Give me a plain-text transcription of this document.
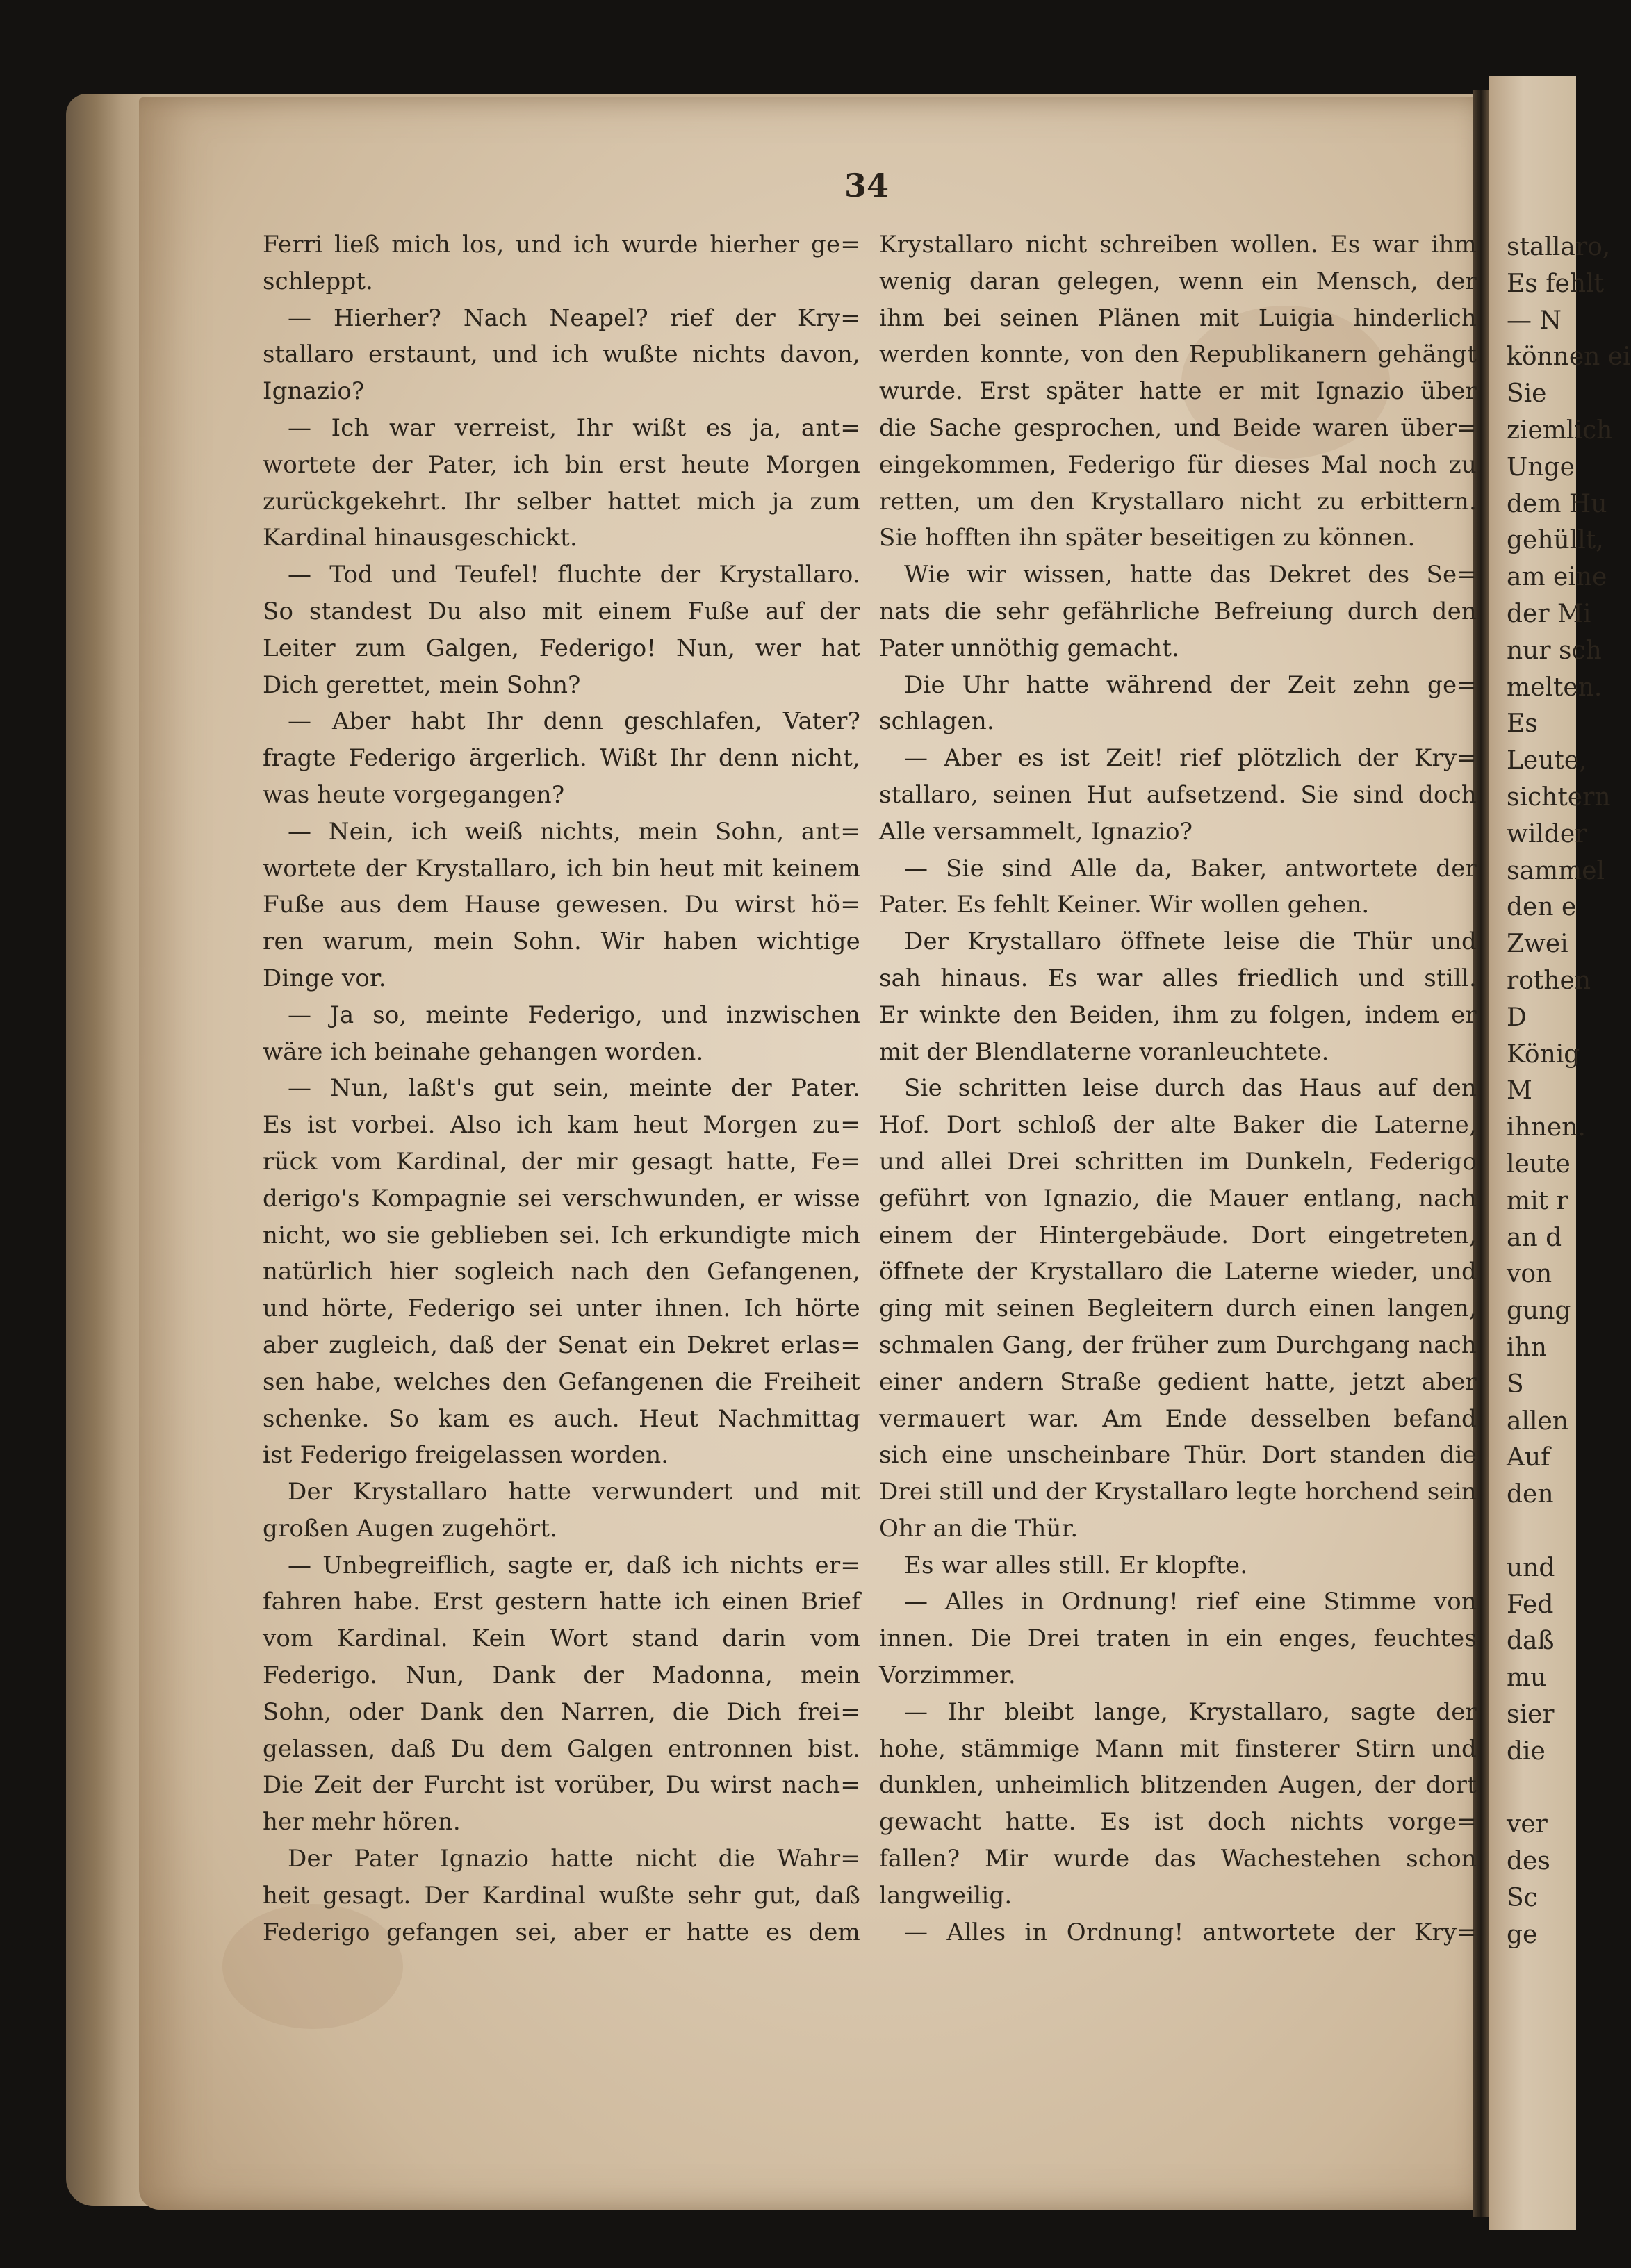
stallaro,
Es fehlt
— N
können ei
Sie
ziemlich
Unge
dem Hu
gehüllt,
am eine
der Mi
nur sch
melten.
Es
Leute,
sichtern
wilder
sammel
den e
Zwei
rothen
D
König
M
ihnen.
leute
mit r
an d
von
gung
ihn
S
allen
Auf
den
und
Fed
daß
mu
sier
die
ver
des
Sc
ge
34
Ferri ließ mich los, und ich wurde hierher ge=
schleppt.
— Hierher? Nach Neapel? rief der Kry=
stallaro erstaunt, und ich wußte nichts davon,
Ignazio?
— Ich war verreist, Ihr wißt es ja, ant=
wortete der Pater, ich bin erst heute Morgen
zurückgekehrt. Ihr selber hattet mich ja zum
Kardinal hinausgeschickt.
— Tod und Teufel! fluchte der Krystallaro.
So standest Du also mit einem Fuße auf der
Leiter zum Galgen, Federigo! Nun, wer hat
Dich gerettet, mein Sohn?
— Aber habt Ihr denn geschlafen, Vater?
fragte Federigo ärgerlich. Wißt Ihr denn nicht,
was heute vorgegangen?
— Nein, ich weiß nichts, mein Sohn, ant=
wortete der Krystallaro, ich bin heut mit keinem
Fuße aus dem Hause gewesen. Du wirst hö=
ren warum, mein Sohn. Wir haben wichtige
Dinge vor.
— Ja so, meinte Federigo, und inzwischen
wäre ich beinahe gehangen worden.
— Nun, laßt's gut sein, meinte der Pater.
Es ist vorbei. Also ich kam heut Morgen zu=
rück vom Kardinal, der mir gesagt hatte, Fe=
derigo's Kompagnie sei verschwunden, er wisse
nicht, wo sie geblieben sei. Ich erkundigte mich
natürlich hier sogleich nach den Gefangenen,
und hörte, Federigo sei unter ihnen. Ich hörte
aber zugleich, daß der Senat ein Dekret erlas=
sen habe, welches den Gefangenen die Freiheit
schenke. So kam es auch. Heut Nachmittag
ist Federigo freigelassen worden.
Der Krystallaro hatte verwundert und mit
großen Augen zugehört.
— Unbegreiflich, sagte er, daß ich nichts er=
fahren habe. Erst gestern hatte ich einen Brief
vom Kardinal. Kein Wort stand darin vom
Federigo. Nun, Dank der Madonna, mein
Sohn, oder Dank den Narren, die Dich frei=
gelassen, daß Du dem Galgen entronnen bist.
Die Zeit der Furcht ist vorüber, Du wirst nach=
her mehr hören.
Der Pater Ignazio hatte nicht die Wahr=
heit gesagt. Der Kardinal wußte sehr gut, daß
Federigo gefangen sei, aber er hatte es dem
Krystallaro nicht schreiben wollen. Es war ihm
wenig daran gelegen, wenn ein Mensch, der
ihm bei seinen Plänen mit Luigia hinderlich
werden konnte, von den Republikanern gehängt
wurde. Erst später hatte er mit Ignazio über
die Sache gesprochen, und Beide waren über=
eingekommen, Federigo für dieses Mal noch zu
retten, um den Krystallaro nicht zu erbittern.
Sie hofften ihn später beseitigen zu können.
Wie wir wissen, hatte das Dekret des Se=
nats die sehr gefährliche Befreiung durch den
Pater unnöthig gemacht.
Die Uhr hatte während der Zeit zehn ge=
schlagen.
— Aber es ist Zeit! rief plötzlich der Kry=
stallaro, seinen Hut aufsetzend. Sie sind doch
Alle versammelt, Ignazio?
— Sie sind Alle da, Baker, antwortete der
Pater. Es fehlt Keiner. Wir wollen gehen.
Der Krystallaro öffnete leise die Thür und
sah hinaus. Es war alles friedlich und still.
Er winkte den Beiden, ihm zu folgen, indem er
mit der Blendlaterne voranleuchtete.
Sie schritten leise durch das Haus auf den
Hof. Dort schloß der alte Baker die Laterne,
und allei Drei schritten im Dunkeln, Federigo
geführt von Ignazio, die Mauer entlang, nach
einem der Hintergebäude. Dort eingetreten,
öffnete der Krystallaro die Laterne wieder, und
ging mit seinen Begleitern durch einen langen,
schmalen Gang, der früher zum Durchgang nach
einer andern Straße gedient hatte, jetzt aber
vermauert war. Am Ende desselben befand
sich eine unscheinbare Thür. Dort standen die
Drei still und der Krystallaro legte horchend sein
Ohr an die Thür.
Es war alles still. Er klopfte.
— Alles in Ordnung! rief eine Stimme von
innen. Die Drei traten in ein enges, feuchtes
Vorzimmer.
— Ihr bleibt lange, Krystallaro, sagte der
hohe, stämmige Mann mit finsterer Stirn und
dunklen, unheimlich blitzenden Augen, der dort
gewacht hatte. Es ist doch nichts vorge=
fallen? Mir wurde das Wachestehen schon
langweilig.
— Alles in Ordnung! antwortete der Kry=
